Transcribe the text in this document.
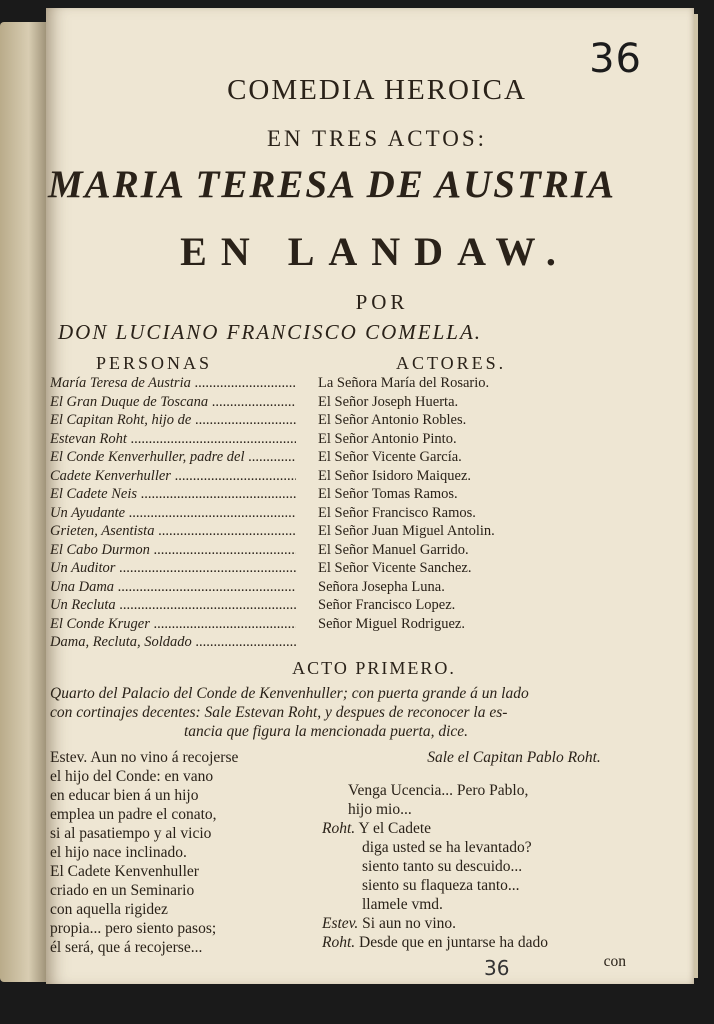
36
COMEDIA HEROICA
EN TRES ACTOS:
MARIA TERESA DE AUSTRIA
EN LANDAW.
POR
DON LUCIANO FRANCISCO COMELLA.
PERSONAS	ACTORES.
María Teresa de Austria .....	La Señora María del Rosario.
El Gran Duque de Toscana .....	El Señor Joseph Huerta.
El Capitan Roht, hijo de .....	El Señor Antonio Robles.
Estevan Roht .....	El Señor Antonio Pinto.
El Conde Kenverhuller, padre del .....	El Señor Vicente García.
Cadete Kenverhuller .....	El Señor Isidoro Maiquez.
El Cadete Neis .....	El Señor Tomas Ramos.
Un Ayudante .....	El Señor Francisco Ramos.
Grieten, Asentista .....	El Señor Juan Miguel Antolin.
El Cabo Durmon .....	El Señor Manuel Garrido.
Un Auditor .....	El Señor Vicente Sanchez.
Una Dama .....	Señora Josepha Luna.
Un Recluta .....	Señor Francisco Lopez.
El Conde Kruger .....	Señor Miguel Rodriguez.
Dama, Recluta, Soldado .....
ACTO PRIMERO.
Quarto del Palacio del Conde de Kenvenhuller; con puerta grande á un lado
con cortinajes decentes: Sale Estevan Roht, y despues de reconocer la es-
tancia que figura la mencionada puerta, dice.
Estev. Aun no vino á recojerse
el hijo del Conde: en vano
en educar bien á un hijo
emplea un padre el conato,
si al pasatiempo y al vicio
el hijo nace inclinado.
El Cadete Kenvenhuller
criado en un Seminario
con aquella rigidez
propia... pero siento pasos;
él será, que á recojerse...
Sale el Capitan Pablo Roht.
Venga Ucencia... Pero Pablo,
hijo mio...
Roht. Y el Cadete
diga usted se ha levantado?
siento tanto su descuido...
siento su flaqueza tanto...
llamele vmd.
Estev. Si aun no vino.
Roht. Desde que en juntarse ha dado
con
36
